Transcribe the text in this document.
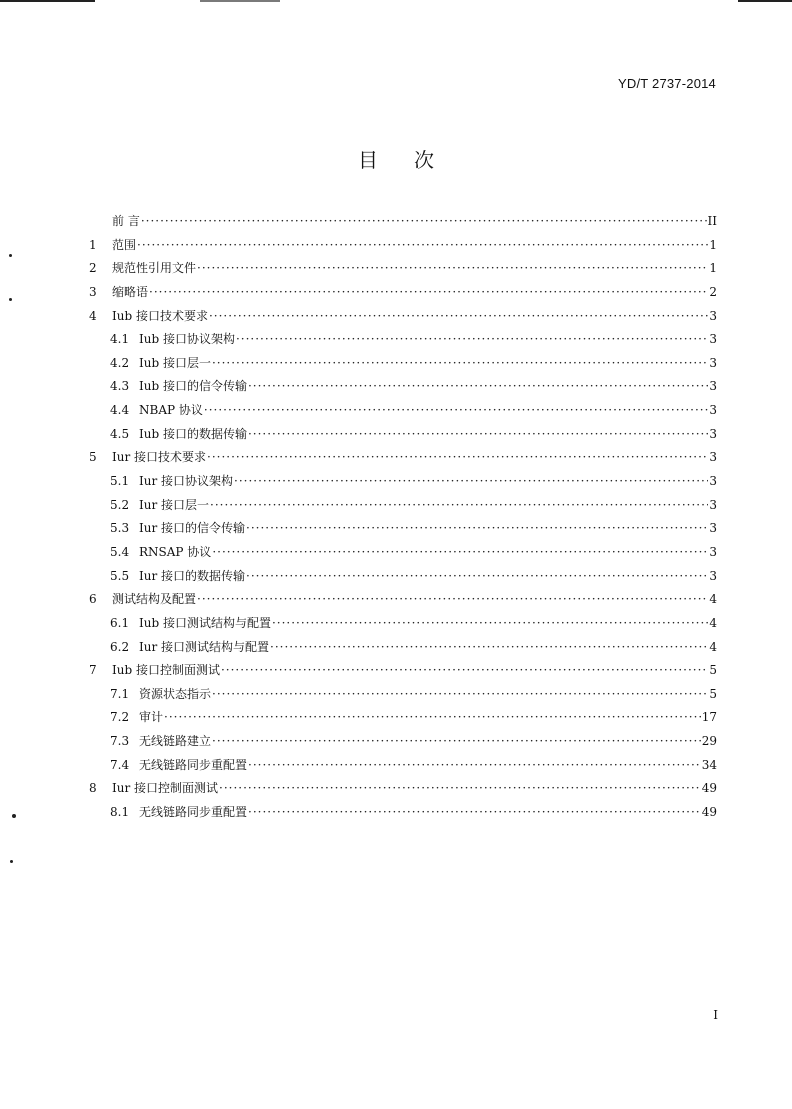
YD/T 2737-2014
目次
前 言 ·····	II
1	范围 ·····	1
2	规范性引用文件 ·····	1
3	缩略语 ·····	2
4	Iub 接口技术要求 ·····	3
4.1 Iub 接口协议架构 ·····	3
4.2 Iub 接口层一 ·····	3
4.3 Iub 接口的信令传输 ·····	3
4.4 NBAP 协议 ·····	3
4.5 Iub 接口的数据传输 ·····	3
5	Iur 接口技术要求 ·····	3
5.1 Iur 接口协议架构 ·····	3
5.2 Iur 接口层一 ·····	3
5.3 Iur 接口的信令传输 ·····	3
5.4 RNSAP 协议 ·····	3
5.5 Iur 接口的数据传输 ·····	3
6	测试结构及配置 ·····	4
6.1 Iub 接口测试结构与配置 ·····	4
6.2 Iur 接口测试结构与配置 ·····	4
7	Iub 接口控制面测试 ·····	5
7.1 资源状态指示 ·····	5
7.2 审计 ·····	17
7.3 无线链路建立 ·····	29
7.4 无线链路同步重配置 ·····	34
8	Iur 接口控制面测试 ·····	49
8.1 无线链路同步重配置 ·····	49
I
